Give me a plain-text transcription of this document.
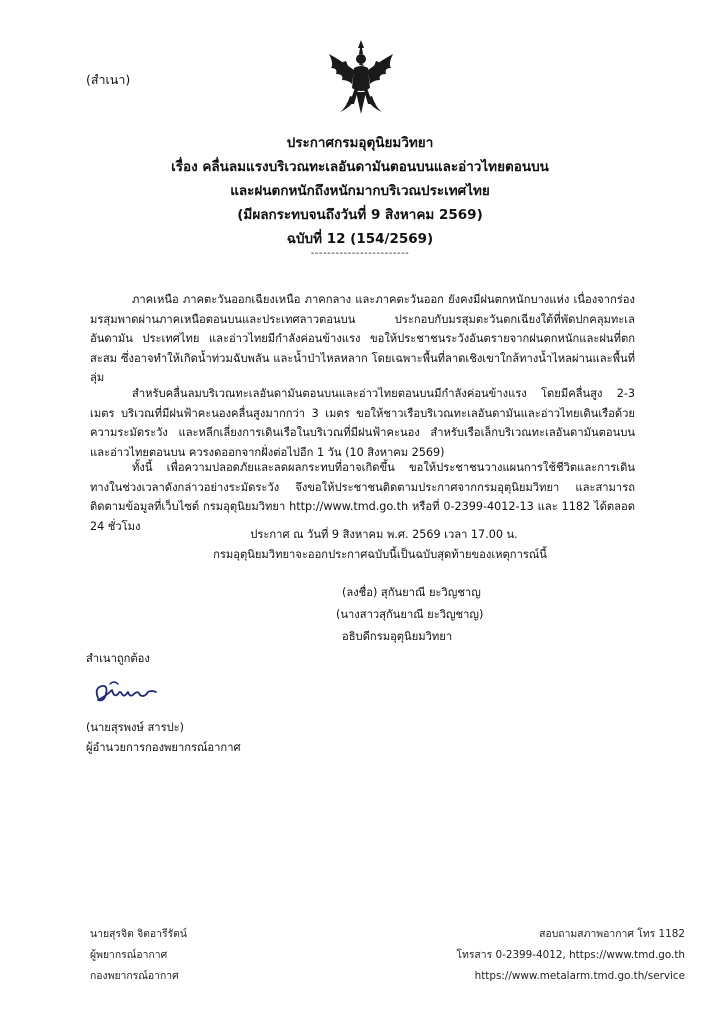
(สำเนา)
ประกาศกรมอุตุนิยมวิทยา
เรื่อง คลื่นลมแรงบริเวณทะเลอันดามันตอนบนและอ่าวไทยตอนบน
และฝนตกหนักถึงหนักมากบริเวณประเทศไทย
(มีผลกระทบจนถึงวันที่ 9 สิงหาคม 2569)
ฉบับที่ 12 (154/2569)
------------------------
ภาคเหนือ ภาคตะวันออกเฉียงเหนือ ภาคกลาง และภาคตะวันออก ยังคงมีฝนตกหนักบางแห่ง เนื่องจากร่องมรสุมพาดผ่านภาคเหนือตอนบนและประเทศลาวตอนบน ประกอบกับมรสุมตะวันตกเฉียงใต้ที่พัดปกคลุมทะเลอันดามัน ประเทศไทย และอ่าวไทยมีกำลังค่อนข้างแรง ขอให้ประชาชนระวังอันตรายจากฝนตกหนักและฝนที่ตกสะสม ซึ่งอาจทำให้เกิดน้ำท่วมฉับพลัน และน้ำป่าไหลหลาก โดยเฉพาะพื้นที่ลาดเชิงเขาใกล้ทางน้ำไหลผ่านและพื้นที่ลุ่ม
สำหรับคลื่นลมบริเวณทะเลอันดามันตอนบนและอ่าวไทยตอนบนมีกำลังค่อนข้างแรง โดยมีคลื่นสูง 2-3 เมตร บริเวณที่มีฝนฟ้าคะนองคลื่นสูงมากกว่า 3 เมตร ขอให้ชาวเรือบริเวณทะเลอันดามันและอ่าวไทยเดินเรือด้วยความระมัดระวัง และหลีกเลี่ยงการเดินเรือในบริเวณที่มีฝนฟ้าคะนอง สำหรับเรือเล็กบริเวณทะเลอันดามันตอนบนและอ่าวไทยตอนบน ควรงดออกจากฝั่งต่อไปอีก 1 วัน (10 สิงหาคม 2569)
ทั้งนี้ เพื่อความปลอดภัยและลดผลกระทบที่อาจเกิดขึ้น ขอให้ประชาชนวางแผนการใช้ชีวิตและการเดินทางในช่วงเวลาดังกล่าวอย่างระมัดระวัง จึงขอให้ประชาชนติดตามประกาศจากกรมอุตุนิยมวิทยา และสามารถติดตามข้อมูลที่เว็บไซต์ กรมอุตุนิยมวิทยา http://www.tmd.go.th หรือที่ 0-2399-4012-13 และ 1182 ได้ตลอด 24 ชั่วโมง
ประกาศ ณ วันที่ 9 สิงหาคม พ.ศ. 2569 เวลา 17.00 น.
กรมอุตุนิยมวิทยาจะออกประกาศฉบับนี้เป็นฉบับสุดท้ายของเหตุการณ์นี้
(ลงชื่อ) สุกันยาณี ยะวิญชาญ
(นางสาวสุกันยาณี ยะวิญชาญ)
อธิบดีกรมอุตุนิยมวิทยา
สำเนาถูกต้อง
(นายสุรพงษ์ สารปะ)
ผู้อำนวยการกองพยากรณ์อากาศ
นายสุรจิต จิตอารีรัตน์
ผู้พยากรณ์อากาศ
กองพยากรณ์อากาศ
สอบถามสภาพอากาศ โทร 1182
โทรสาร 0-2399-4012, https://www.tmd.go.th
https://www.metalarm.tmd.go.th/service
